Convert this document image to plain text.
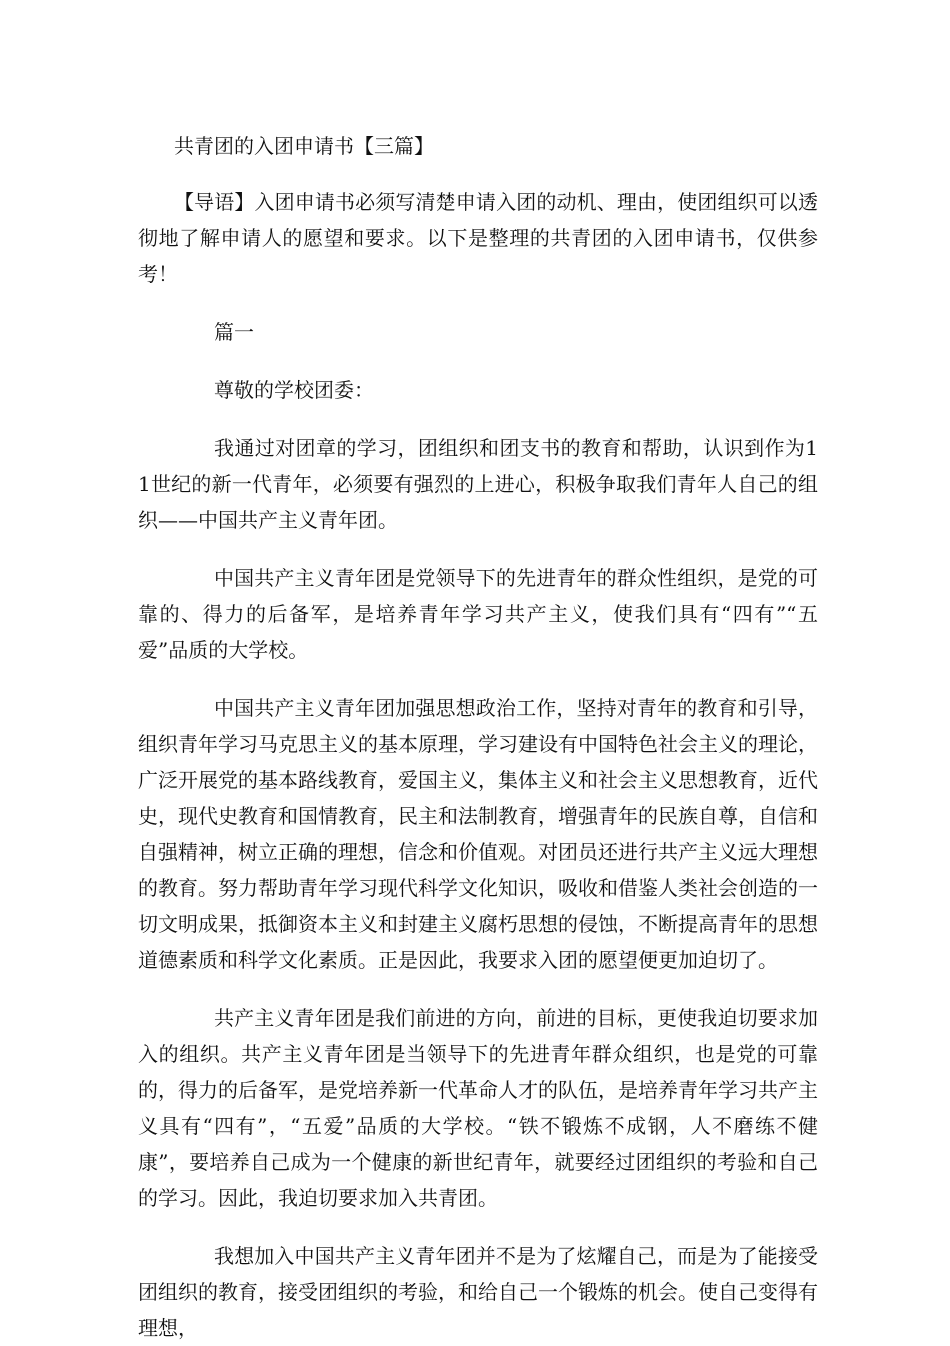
共青团的入团申请书【三篇】

【导语】入团申请书必须写清楚申请入团的动机、理由，使团组织可以透彻地了解申请人的愿望和要求。以下是整理的共青团的入团申请书，仅供参考！

篇一

尊敬的学校团委：

我通过对团章的学习，团组织和团支书的教育和帮助，认识到作为11世纪的新一代青年，必须要有强烈的上进心，积极争取我们青年人自己的组织——中国共产主义青年团。

中国共产主义青年团是党领导下的先进青年的群众性组织，是党的可靠的、得力的后备军，是培养青年学习共产主义，使我们具有“四有”“五爱”品质的大学校。

中国共产主义青年团加强思想政治工作，坚持对青年的教育和引导，组织青年学习马克思主义的基本原理，学习建设有中国特色社会主义的理论，广泛开展党的基本路线教育，爱国主义，集体主义和社会主义思想教育，近代史，现代史教育和国情教育，民主和法制教育，增强青年的民族自尊，自信和自强精神，树立正确的理想，信念和价值观。对团员还进行共产主义远大理想的教育。努力帮助青年学习现代科学文化知识，吸收和借鉴人类社会创造的一切文明成果，抵御资本主义和封建主义腐朽思想的侵蚀，不断提高青年的思想道德素质和科学文化素质。正是因此，我要求入团的愿望便更加迫切了。

共产主义青年团是我们前进的方向，前进的目标，更使我迫切要求加入的组织。共产主义青年团是当领导下的先进青年群众组织，也是党的可靠的，得力的后备军，是党培养新一代革命人才的队伍，是培养青年学习共产主义具有“四有”，“五爱”品质的大学校。“铁不锻炼不成钢，人不磨练不健康”，要培养自己成为一个健康的新世纪青年，就要经过团组织的考验和自己的学习。因此，我迫切要求加入共青团。

我想加入中国共产主义青年团并不是为了炫耀自己，而是为了能接受团组织的教育，接受团组织的考验，和给自己一个锻炼的机会。使自己变得有理想，
